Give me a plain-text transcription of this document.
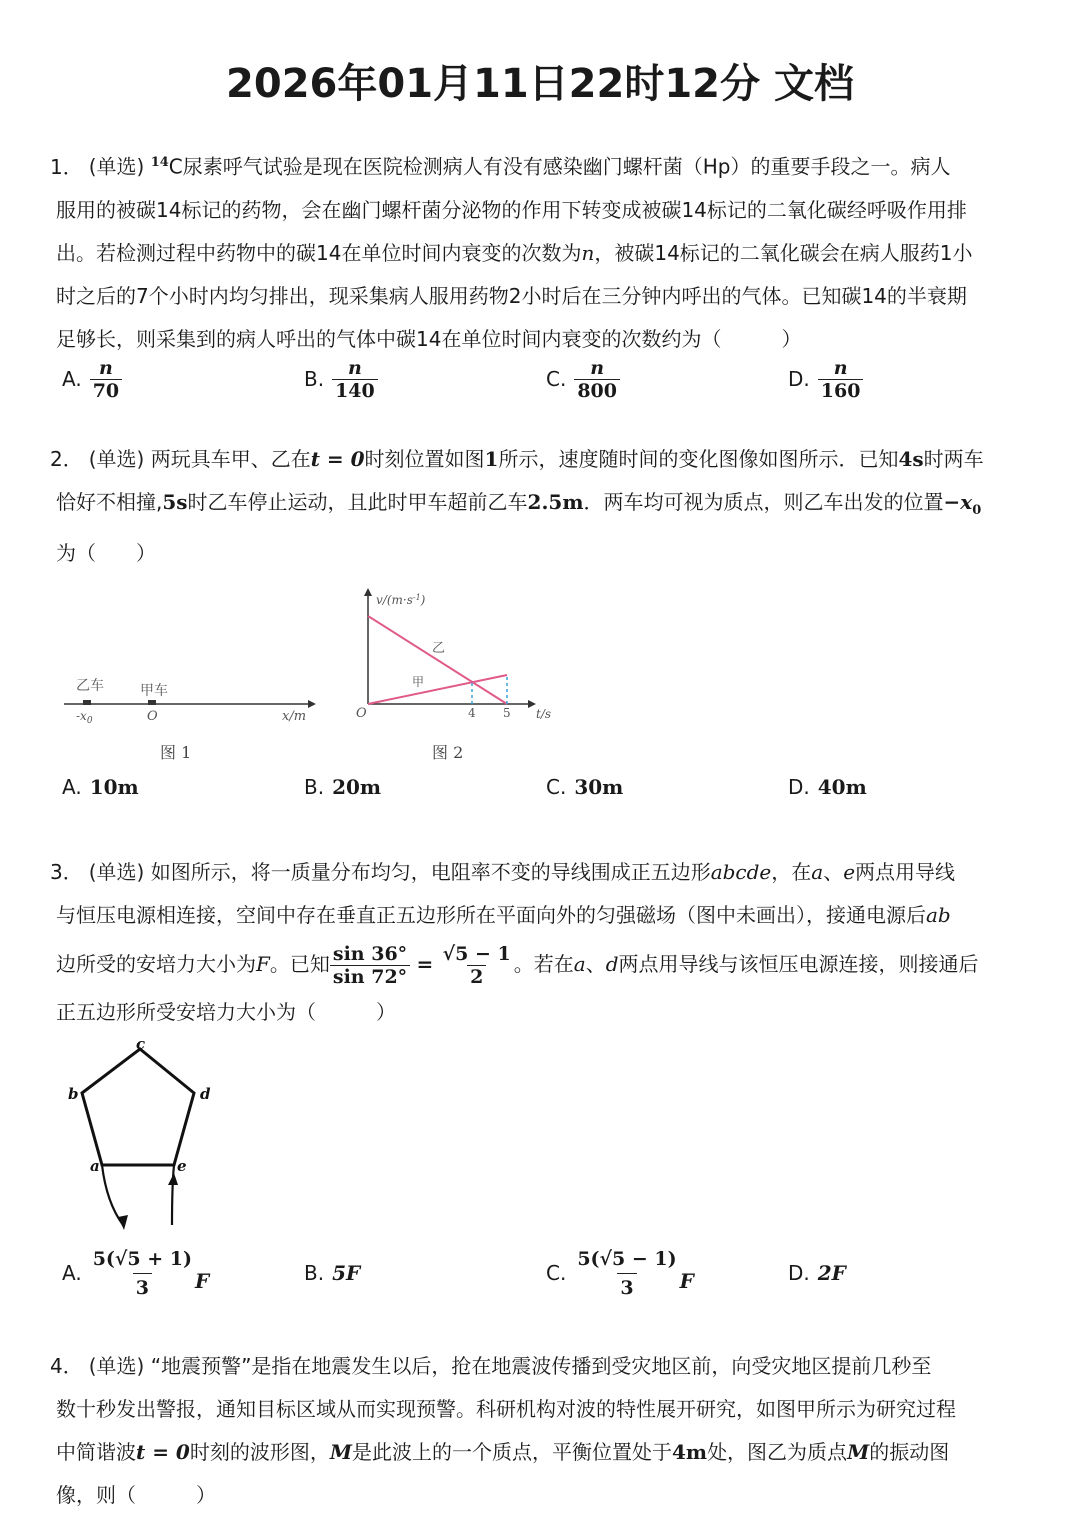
2026年01月11日22时12分 文档

1． (单选) $^{14}$C尿素呼气试验是现在医院检测病人有没有感染幽门螺杆菌（Hp）的重要手段之一。病人

服用的被碳14标记的药物，会在幽门螺杆菌分泌物的作用下转变成被碳14标记的二氧化碳经呼吸作用排

出。若检测过程中药物中的碳14在单位时间内衰变的次数为n，被碳14标记的二氧化碳会在病人服药1小

时之后的7个小时内均匀排出，现采集病人服用药物2小时后在三分钟内呼出的气体。已知碳14的半衰期

足够长，则采集到的病人呼出的气体中碳14在单位时间内衰变的次数约为（　　　）

A. $\frac{n}{70}$	B. $\frac{n}{140}$	C. $\frac{n}{800}$	D. $\frac{n}{160}$

2． (单选) 两玩具车甲、乙在t = 0时刻位置如图1所示，速度随时间的变化图像如图所示．已知4s时两车

恰好不相撞,5s时乙车停止运动，且此时甲车超前乙车2.5m．两车均可视为质点，则乙车出发的位置$-x_0$

为（　　）

乙车	甲车
$-x_0$	O	x/m
图 1
$v/(m\cdot s^{-1})$
乙
甲
O	4 5 t/s
图 2
A. 10m	B. 20m	C. 30m	D. 40m

3． (单选) 如图所示，将一质量分布均匀，电阻率不变的导线围成正五边形abcde，在a、e两点用导线

与恒压电源相连接，空间中存在垂直正五边形所在平面向外的匀强磁场（图中未画出），接通电源后ab

边所受的安培力大小为F。已知 $\frac{\sin 36^\circ}{\sin 72^\circ} = \frac{√5 - 1}{2}$ 。若在a、d两点用导线与该恒压电源连接，则接通后

正五边形所受安培力大小为（　　　）

c
b	d
a	e
A. $\frac{5(√5 + 1)}{3}$ F	B. 5F	C. $\frac{5(√5 - 1)}{3}$ F	D. 2F

4． (单选) “地震预警”是指在地震发生以后，抢在地震波传播到受灾地区前，向受灾地区提前几秒至

数十秒发出警报，通知目标区域从而实现预警。科研机构对波的特性展开研究，如图甲所示为研究过程

中简谐波t = 0时刻的波形图，M是此波上的一个质点，平衡位置处于4m处，图乙为质点M的振动图

像，则（　　　）
